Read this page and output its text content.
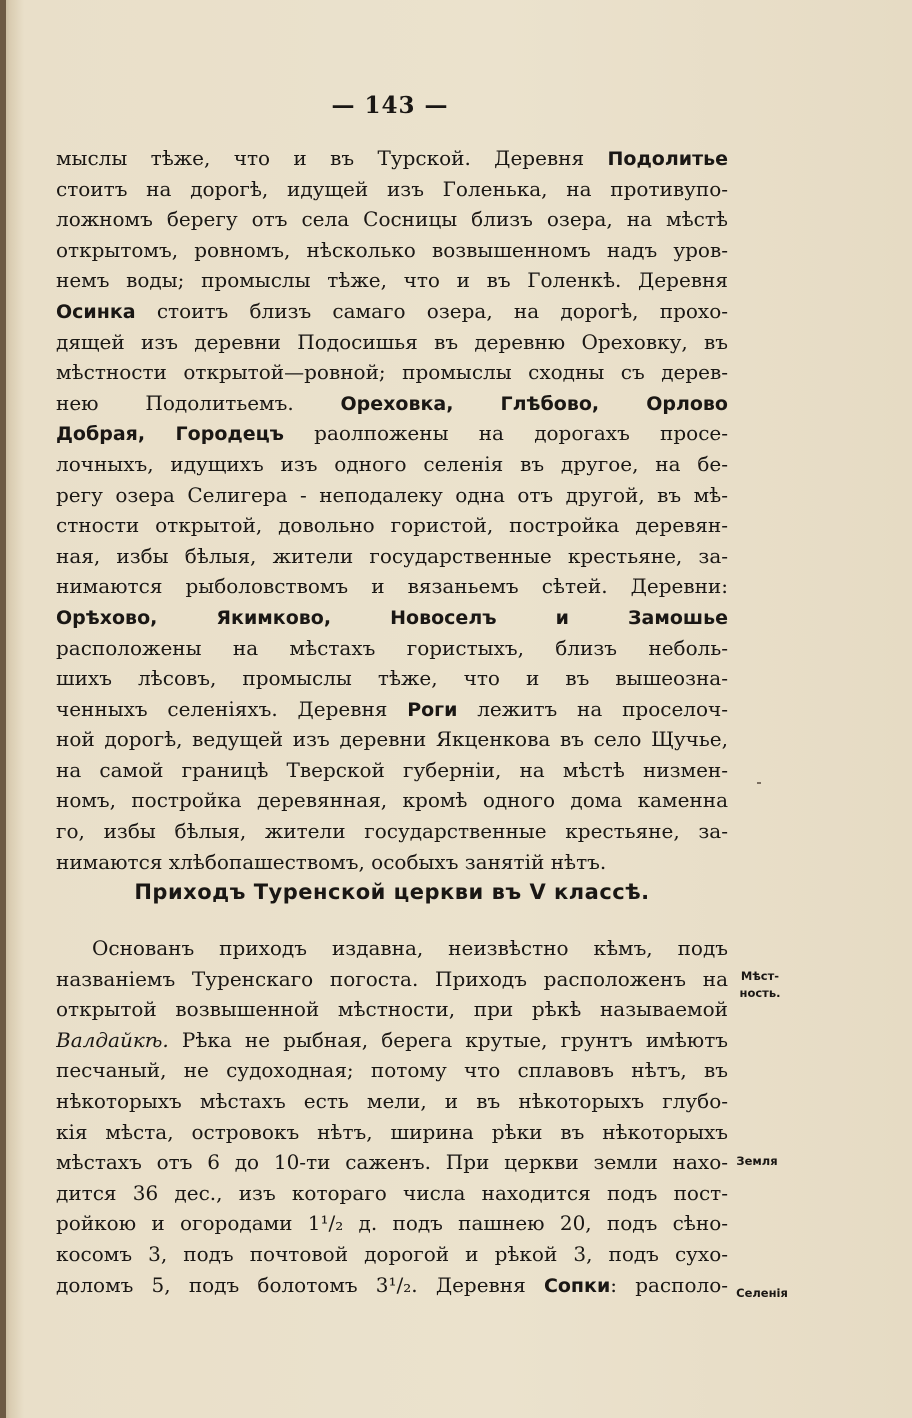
— 143 —
мыслы тѣже, что и въ Турской. Деревня Подолитье
стоитъ на дорогѣ, идущей изъ Голенька, на противупо-
ложномъ берегу отъ села Сосницы близъ озера, на мѣстѣ
открытомъ, ровномъ, нѣсколько возвышенномъ надъ уров-
немъ воды; промыслы тѣже, что и въ Голенкѣ. Деревня
Осинка стоитъ близъ самаго озера, на дорогѣ, прохо-
дящей изъ деревни Подосишья въ деревню Ореховку, въ
мѣстности открытой—ровной; промыслы сходны съ дерев-
нею Подолитьемъ. Ореховка, Глѣбово, Орлово
Добрая, Городецъ раолпожены на дорогахъ просе-
лочныхъ, идущихъ изъ одного селенія въ другое, на бе-
регу озера Селигера - неподалеку одна отъ другой, въ мѣ-
стности открытой, довольно гористой, постройка деревян-
ная, избы бѣлыя, жители государственные крестьяне, за-
нимаются рыболовствомъ и вязаньемъ сѣтей. Деревни:
Орѣхово, Якимково, Новоселъ и Замошье
расположены на мѣстахъ гористыхъ, близъ неболь-
шихъ лѣсовъ, промыслы тѣже, что и въ вышеозна-
ченныхъ селеніяхъ. Деревня Роги лежитъ на проселоч-
ной дорогѣ, ведущей изъ деревни Якценкова въ село Щучье,
на самой границѣ Тверской губерніи, на мѣстѣ низмен-
номъ, постройка деревянная, кромѣ одного дома каменна
го, избы бѣлыя, жители государственные крестьяне, за-
нимаются хлѣбопашествомъ, особыхъ занятій нѣтъ.
Приходъ Туренской церкви въ V классѣ.
Основанъ приходъ издавна, неизвѣстно кѣмъ, подъ
названіемъ Туренскаго погоста. Приходъ расположенъ на
открытой возвышенной мѣстности, при рѣкѣ называемой
Валдайкѣ. Рѣка не рыбная, берега крутые, грунтъ имѣютъ
песчаный, не судоходная; потому что сплавовъ нѣтъ, въ
нѣкоторыхъ мѣстахъ есть мели, и въ нѣкоторыхъ глубо-
кія мѣста, островокъ нѣтъ, ширина рѣки въ нѣкоторыхъ
мѣстахъ отъ 6 до 10-ти саженъ. При церкви земли нахо-
дится 36 дес., изъ котораго числа находится подъ пост-
ройкою и огородами 1¹/₂ д. подъ пашнею 20, подъ сѣно-
косомъ 3, подъ почтовой дорогой и рѣкой 3, подъ сухо-
доломъ 5, подъ болотомъ 3¹/₂. Деревня Сопки: располо-
Мѣст-
ность.
Земля
Селенія
